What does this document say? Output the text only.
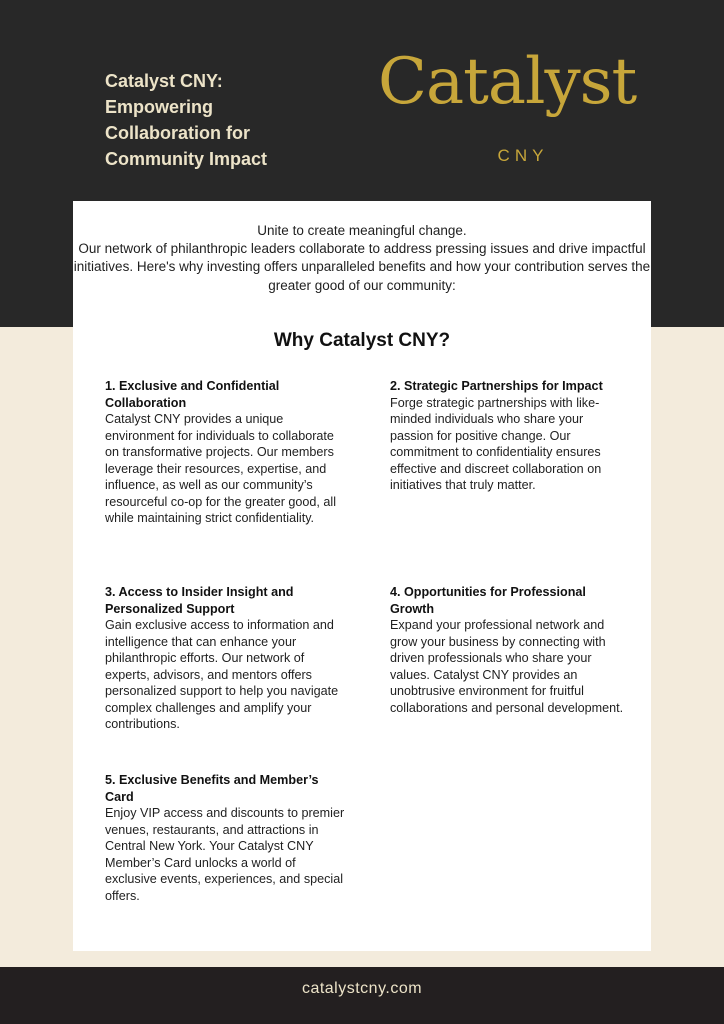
Catalyst CNY:
Empowering
Collaboration for
Community Impact
Catalyst
CNY

Unite to create meaningful change.

Our network of philanthropic leaders collaborate to address pressing issues and drive impactful initiatives. Here's why investing offers unparalleled benefits and how your contribution serves the greater good of our community:

Why Catalyst CNY?
1. Exclusive and Confidential Collaboration

Catalyst CNY provides a unique environment for individuals to collaborate on transformative projects. Our members leverage their resources, expertise, and influence, as well as our community’s resourceful co-op for the greater good, all while maintaining strict confidentiality.

2. Strategic Partnerships for Impact

Forge strategic partnerships with like-minded individuals who share your passion for positive change. Our commitment to confidentiality ensures effective and discreet collaboration on initiatives that truly matter.

3. Access to Insider Insight and Personalized Support

Gain exclusive access to information and intelligence that can enhance your philanthropic efforts. Our network of experts, advisors, and mentors offers personalized support to help you navigate complex challenges and amplify your contributions.

4. Opportunities for Professional Growth

Expand your professional network and grow your business by connecting with driven professionals who share your values. Catalyst CNY provides an unobtrusive environment for fruitful collaborations and personal development.

5. Exclusive Benefits and Member’s Card

Enjoy VIP access and discounts to premier venues, restaurants, and attractions in Central New York. Your Catalyst CNY Member’s Card unlocks a world of exclusive events, experiences, and special offers.

catalystcny.com
